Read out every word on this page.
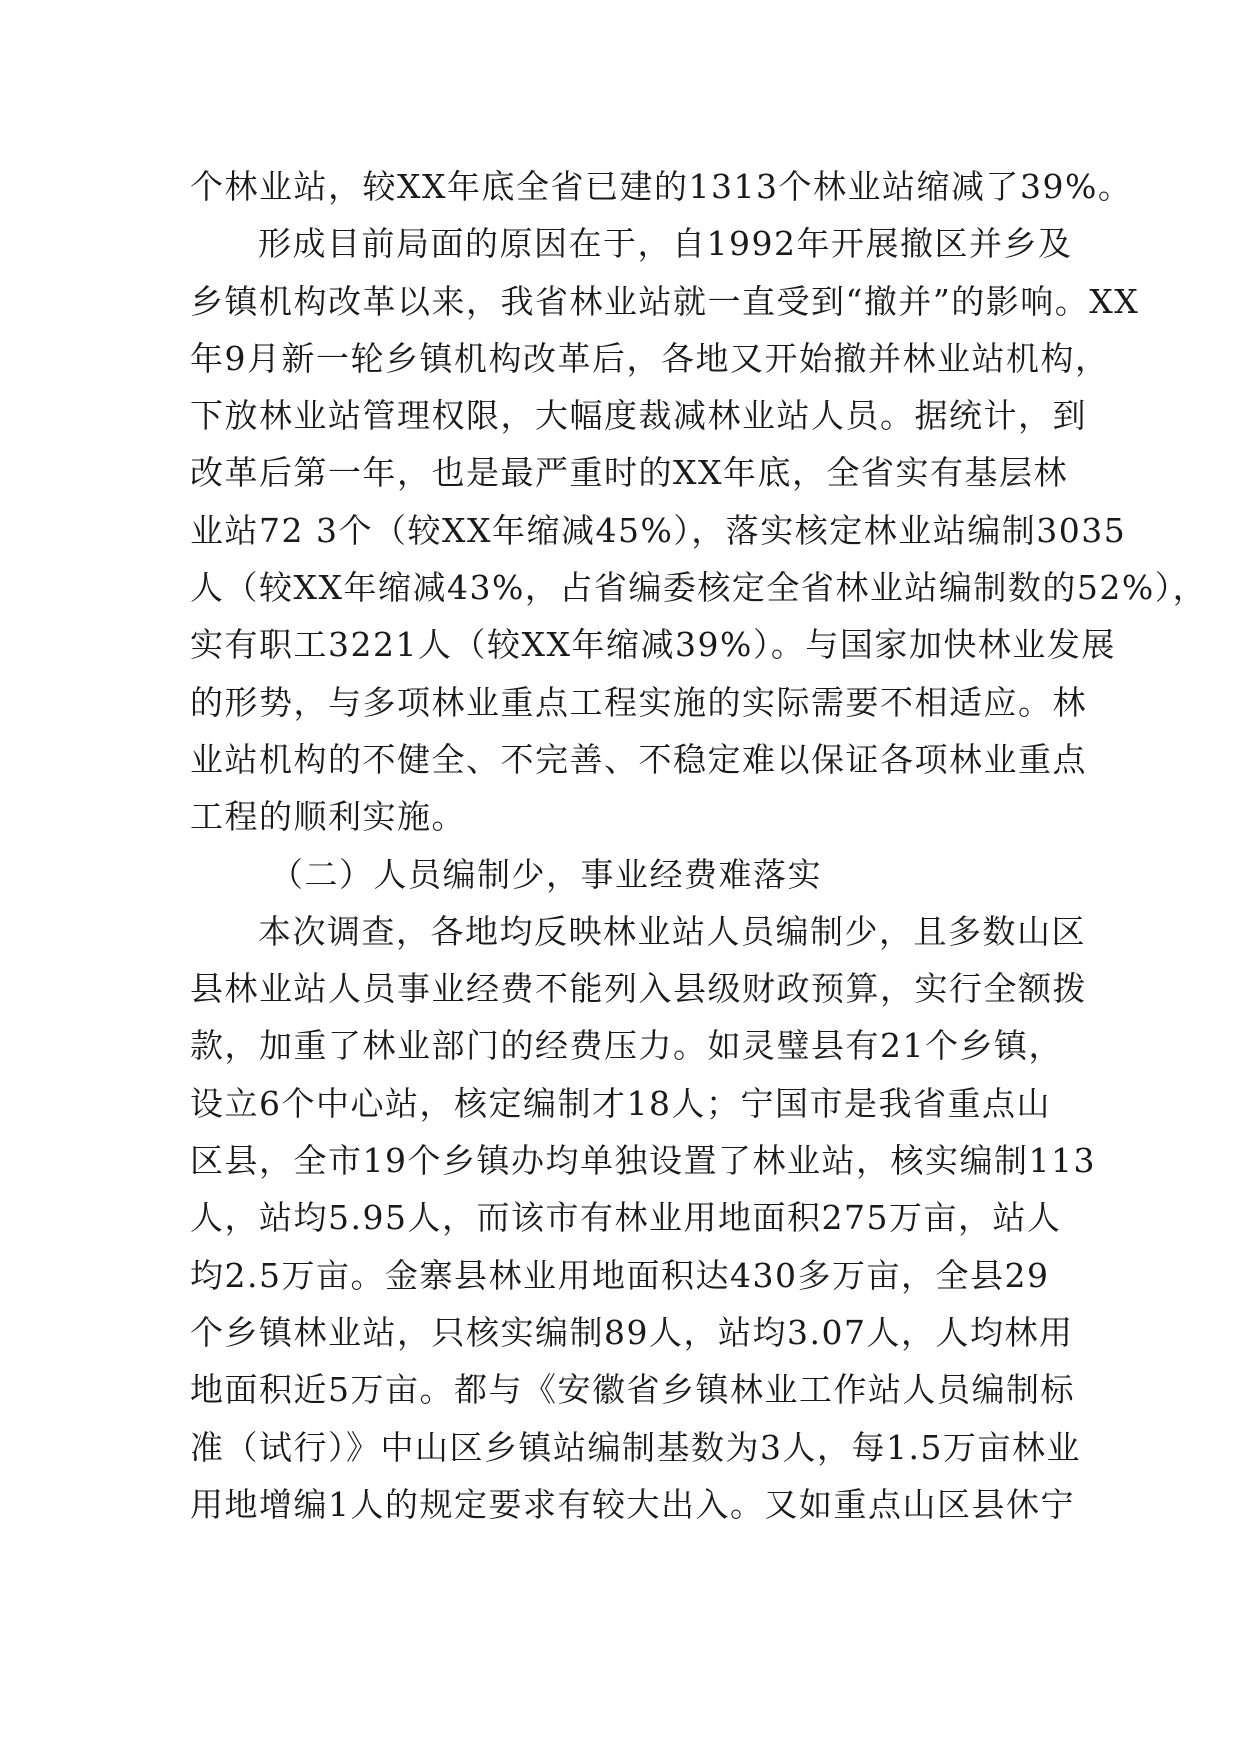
个林业站，较XX年底全省已建的1313个林业站缩减了39%。
形成目前局面的原因在于，自1992年开展撤区并乡及
乡镇机构改革以来，我省林业站就一直受到“撤并”的影响。XX
年9月新一轮乡镇机构改革后，各地又开始撤并林业站机构，
下放林业站管理权限，大幅度裁减林业站人员。据统计，到
改革后第一年，也是最严重时的XX年底，全省实有基层林
业站72 3个（较XX年缩减45%），落实核定林业站编制3035
人（较XX年缩减43%，占省编委核定全省林业站编制数的52%），
实有职工3221人（较XX年缩减39%）。与国家加快林业发展
的形势，与多项林业重点工程实施的实际需要不相适应。林
业站机构的不健全、不完善、不稳定难以保证各项林业重点
工程的顺利实施。
（二）人员编制少，事业经费难落实
本次调查，各地均反映林业站人员编制少，且多数山区
县林业站人员事业经费不能列入县级财政预算，实行全额拨
款，加重了林业部门的经费压力。如灵璧县有21个乡镇，
设立6个中心站，核定编制才18人；宁国市是我省重点山
区县，全市19个乡镇办均单独设置了林业站，核实编制113
人，站均5.95人，而该市有林业用地面积275万亩，站人
均2.5万亩。金寨县林业用地面积达430多万亩，全县29
个乡镇林业站，只核实编制89人，站均3.07人，人均林用
地面积近5万亩。都与《安徽省乡镇林业工作站人员编制标
准（试行）》中山区乡镇站编制基数为3人，每1.5万亩林业
用地增编1人的规定要求有较大出入。又如重点山区县休宁
